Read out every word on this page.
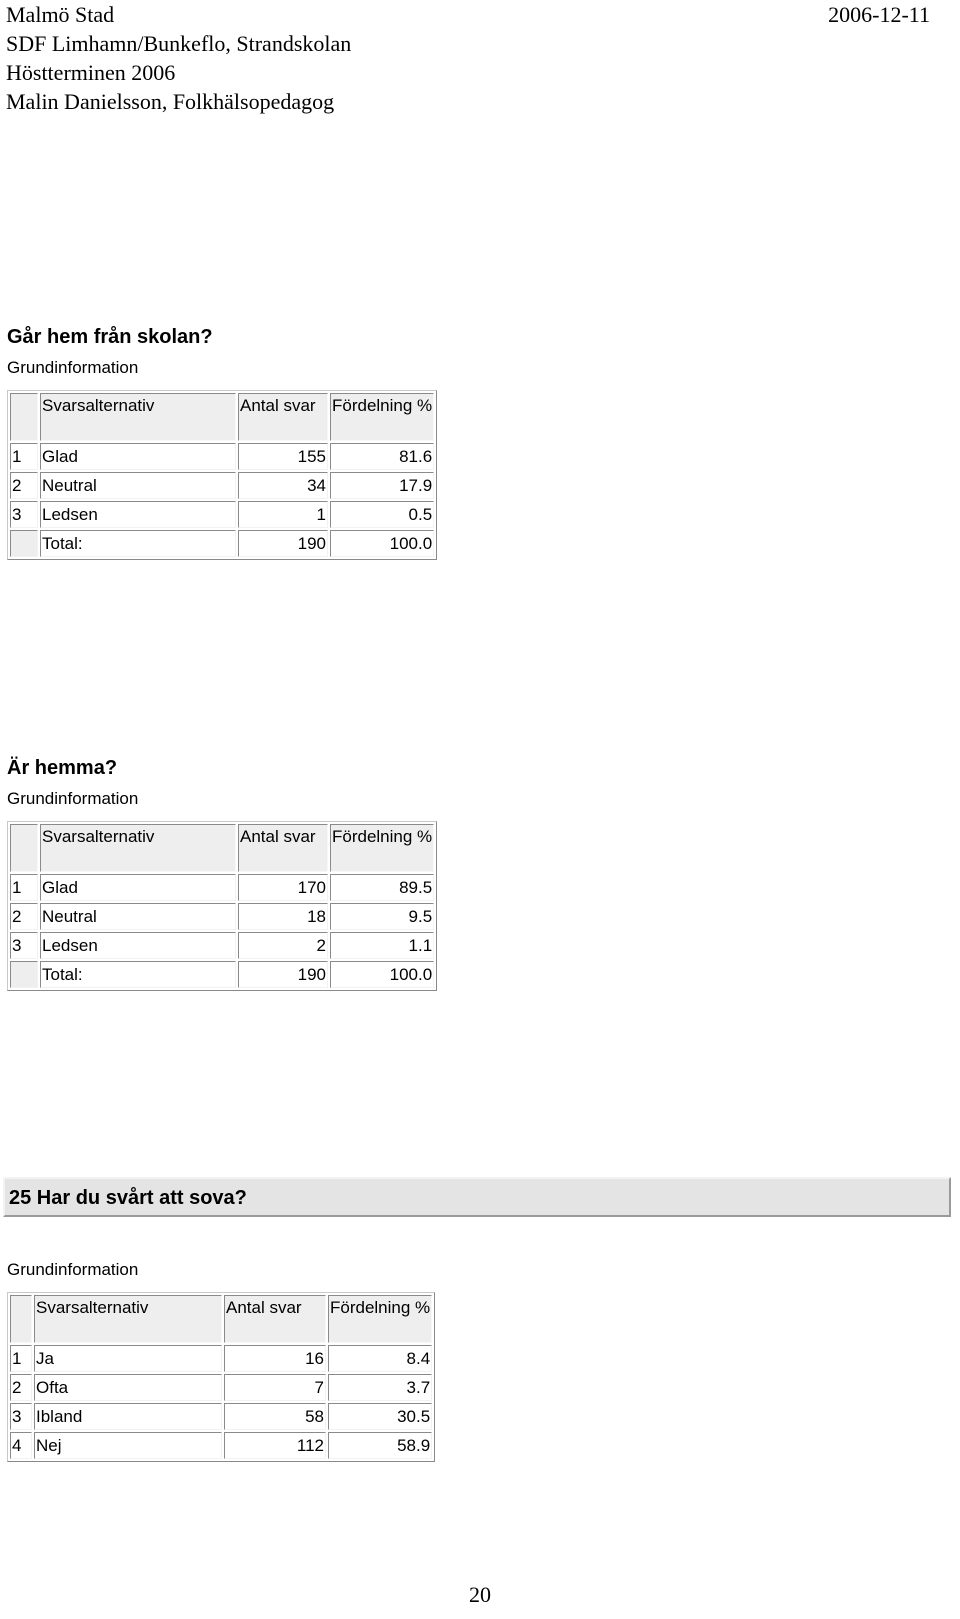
Malmö Stad
SDF Limhamn/Bunkeflo, Strandskolan
Höstterminen 2006
Malin Danielsson, Folkhälsopedagog
2006-12-11
Går hem från skolan?
Grundinformation
	Svarsalternativ	Antal svar	Fördelning %
1	Glad	155	81.6
2	Neutral	34	17.9
3	Ledsen	1	0.5
	Total:	190	100.0
Är hemma?
Grundinformation
	Svarsalternativ	Antal svar	Fördelning %
1	Glad	170	89.5
2	Neutral	18	9.5
3	Ledsen	2	1.1
	Total:	190	100.0
25 Har du svårt att sova?
Grundinformation
	Svarsalternativ	Antal svar	Fördelning %
1	Ja	16	8.4
2	Ofta	7	3.7
3	Ibland	58	30.5
4	Nej	112	58.9
20
